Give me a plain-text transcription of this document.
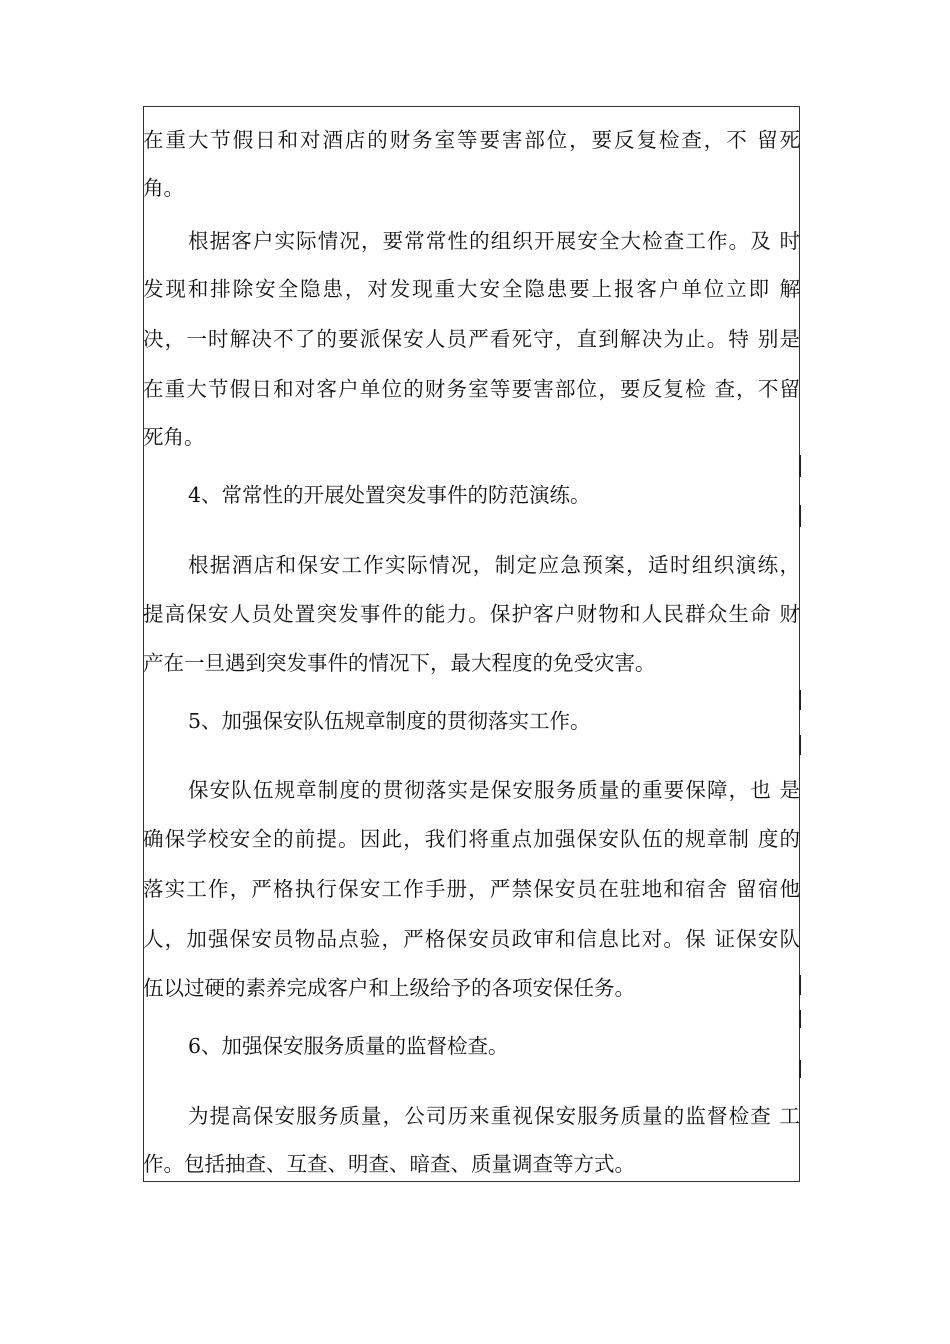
在重大节假日和对酒店的财务室等要害部位，要反复检查，不 留死
角。
根据客户实际情况，要常常性的组织开展安全大检查工作。及 时
发现和排除安全隐患，对发现重大安全隐患要上报客户单位立即 解
决，一时解决不了的要派保安人员严看死守，直到解决为止。特 别是
在重大节假日和对客户单位的财务室等要害部位，要反复检 查，不留
死角。
4、常常性的开展处置突发事件的防范演练。
根据酒店和保安工作实际情况，制定应急预案，适时组织演练，
提高保安人员处置突发事件的能力。保护客户财物和人民群众生命 财
产在一旦遇到突发事件的情况下，最大程度的免受灾害。
5、加强保安队伍规章制度的贯彻落实工作。
保安队伍规章制度的贯彻落实是保安服务质量的重要保障，也 是
确保学校安全的前提。因此，我们将重点加强保安队伍的规章制 度的
落实工作，严格执行保安工作手册，严禁保安员在驻地和宿舍 留宿他
人，加强保安员物品点验，严格保安员政审和信息比对。保 证保安队
伍以过硬的素养完成客户和上级给予的各项安保任务。
6、加强保安服务质量的监督检查。
为提高保安服务质量，公司历来重视保安服务质量的监督检查 工
作。包括抽查、互查、明查、暗查、质量调查等方式。
